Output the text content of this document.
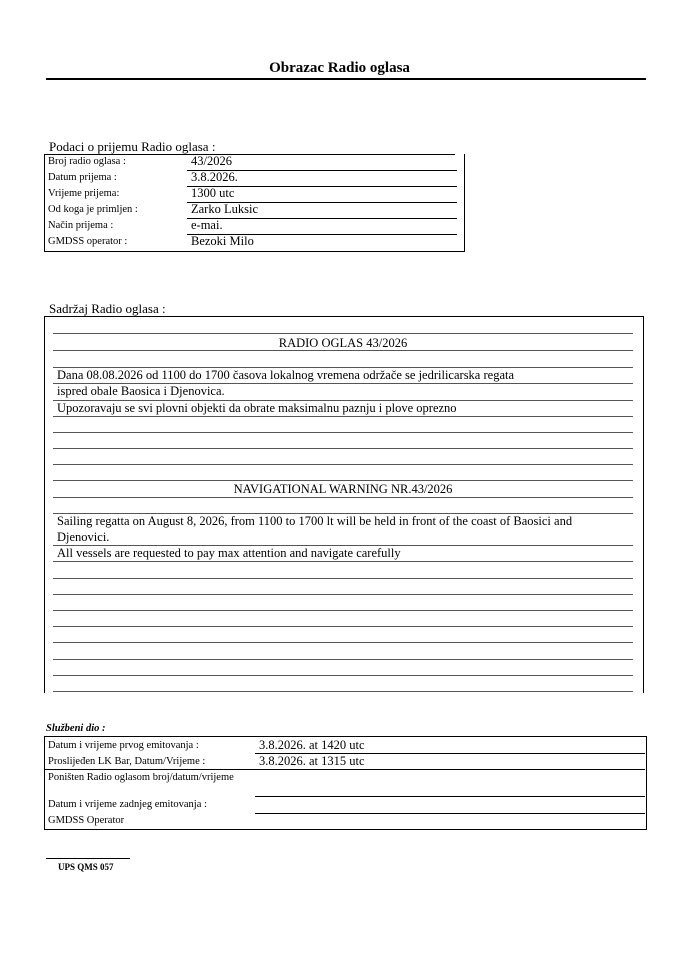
Obrazac Radio oglasa
Podaci o prijemu Radio oglasa :
Broj radio oglasa :	43/2026
Datum prijema :	3.8.2026.
Vrijeme prijema:	1300 utc
Od koga je primljen :	Zarko Luksic
Način prijema :	e-mai.
GMDSS operator :	Bezoki Milo
Sadržaj Radio oglasa :
RADIO OGLAS 43/2026
Dana 08.08.2026 od 1100 do 1700 časova lokalnog vremena održače se jedrilicarska regata
ispred obale Baosica i Djenovica.
Upozoravaju se svi plovni objekti da obrate maksimalnu paznju i plove oprezno
NAVIGATIONAL WARNING NR.43/2026
Sailing regatta on August 8, 2026, from 1100 to 1700 lt will be held in front of the coast of Baosici and
Djenovici.
All vessels are requested to pay max attention and navigate carefully
Službeni dio :
Datum i vrijeme prvog emitovanja :	3.8.2026. at 1420 utc
Proslijeđen LK Bar, Datum/Vrijeme :	3.8.2026. at 1315 utc
Poništen Radio oglasom broj/datum/vrijeme
Datum i vrijeme zadnjeg emitovanja :
GMDSS Operator
UPS QMS 057
